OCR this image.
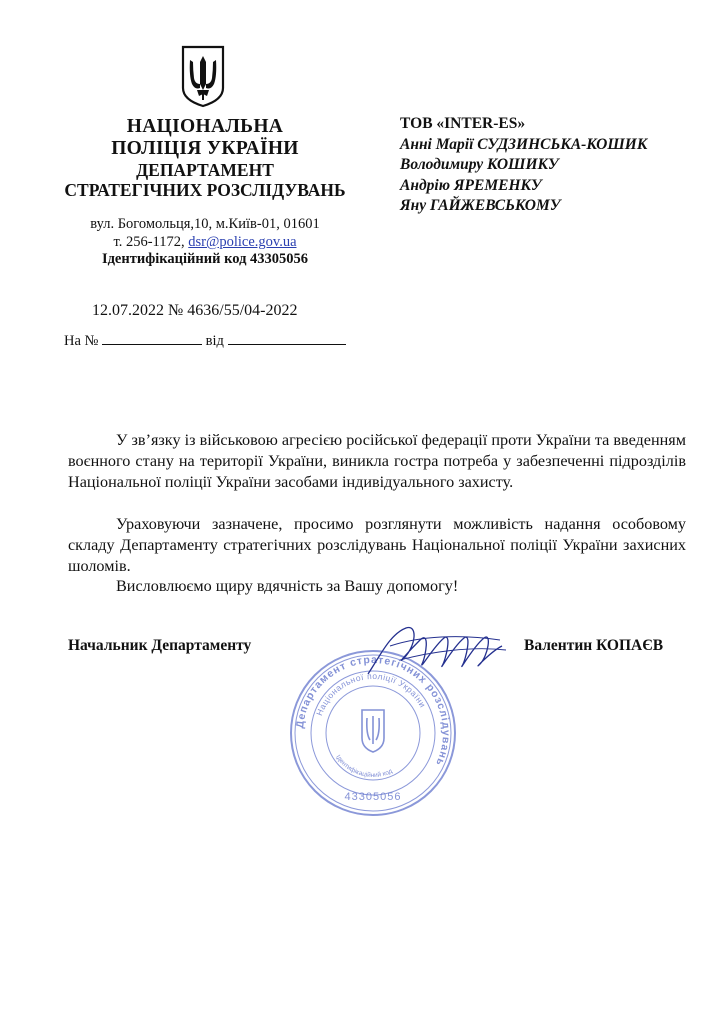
НАЦІОНАЛЬНА
ПОЛІЦІЯ УКРАЇНИ
ДЕПАРТАМЕНТ
СТРАТЕГІЧНИХ РОЗСЛІДУВАНЬ
вул. Богомольця,10, м.Київ-01, 01601
т. 256-1172, dsr@police.gov.ua
Ідентифікаційний код 43305056
12.07.2022 № 4636/55/04-2022
На №	від
ТОВ «INTER-ES»
Анні Марії СУДЗИНСЬКА-КОШИК
Володимиру КОШИКУ
Андрію ЯРЕМЕНКУ
Яну ГАЙЖЕВСЬКОМУ
У зв’язку із військовою агресією російської федерації проти України та введенням воєнного стану на території України, виникла гостра потреба у забезпеченні підрозділів Національної поліції України засобами індивідуального захисту.
Ураховуючи зазначене, просимо розглянути можливість надання особовому складу Департаменту стратегічних розслідувань Національної поліції України захисних шоломів.
Висловлюємо щиру вдячність за Вашу допомогу!
Департамент стратегічних розслідувань
Національної поліції України
Ідентифікаційний код
43305056
Начальник Департаменту	Валентин КОПАЄВ
